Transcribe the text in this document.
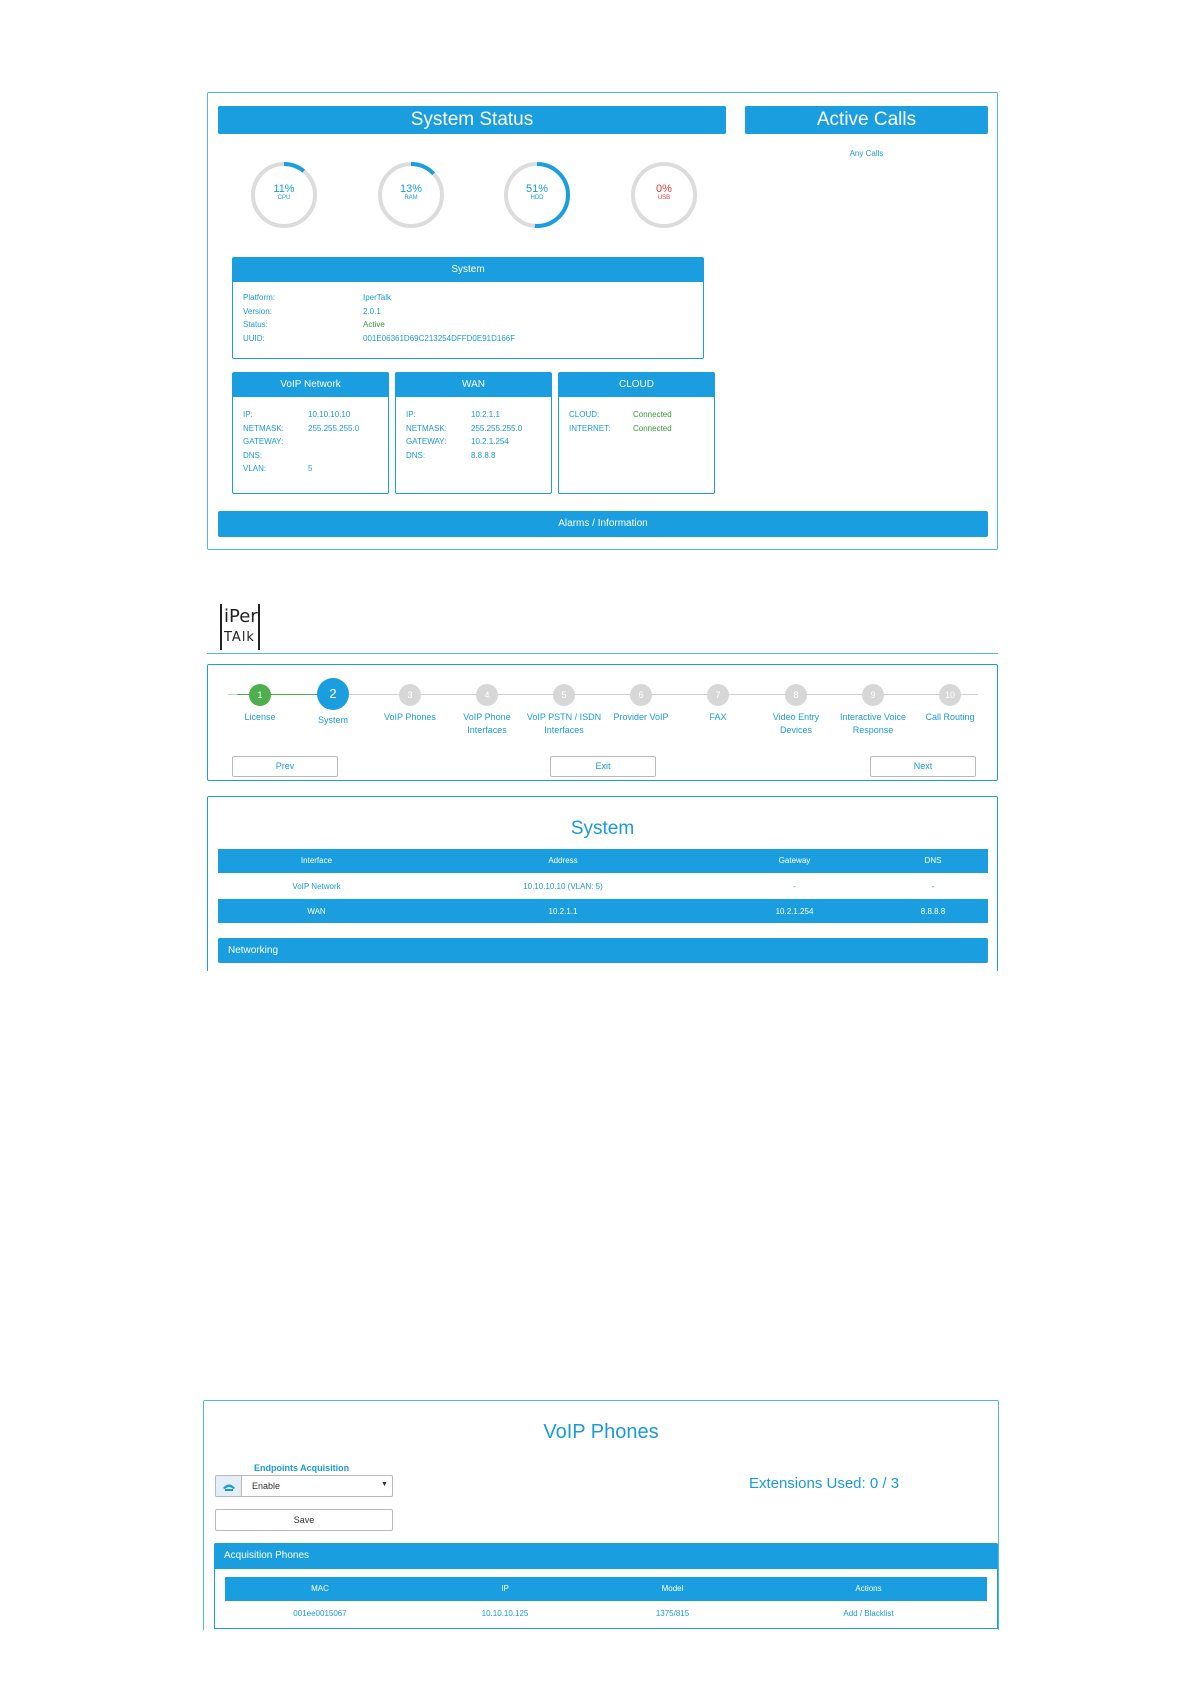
System Status	Active Calls
Any Calls
11%
CPU
13%
RAM
51%
HDD
0%
USB
System
Platform:	IperTalk
Version:	2.0.1
Status:	Active
UUID:	001E06361D69C213254DFFD0E91D166F
VoIP Network
IP:	10.10.10.10
NETMASK:	255.255.255.0
GATEWAY:
DNS:
VLAN:	5
WAN
IP:	10.2.1.1
NETMASK:	255.255.255.0
GATEWAY:	10.2.1.254
DNS:	8.8.8.8
CLOUD
CLOUD:	Connected
INTERNET:	Connected
Alarms / Information
iPer
TAlk
1
License
2
System
3
VoIP Phones
4
VoIP Phone Interfaces
5
VoIP PSTN / ISDN Interfaces
6
Provider VoIP
7
FAX
8
Video Entry Devices
9
Interactive Voice Response
10
Call Routing
Prev	Exit	Next
System
Interface	Address	Gateway	DNS
VoIP Network	10.10.10.10 (VLAN: 5)	-	-
WAN	10.2.1.1	10.2.1.254	8.8.8.8
Networking
VoIP Phones
Endpoints Acquisition
Enable	▼
Save
Extensions Used: 0 / 3
Acquisition Phones
MAC	IP	Model	Actions
001ee0015067	10.10.10.125	1375/815	Add / Blacklist
